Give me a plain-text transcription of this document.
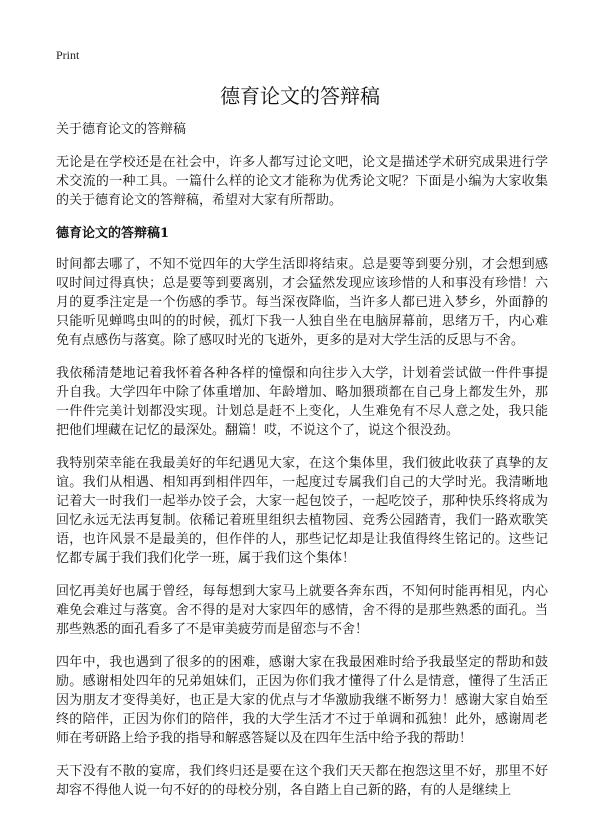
Print
德育论文的答辩稿

关于德育论文的答辩稿

无论是在学校还是在社会中，许多人都写过论文吧，论文是描述学术研究成果进行学术交流的一种工具。一篇什么样的论文才能称为优秀论文呢？下面是小编为大家收集的关于德育论文的答辩稿，希望对大家有所帮助。

德育论文的答辩稿1

时间都去哪了，不知不觉四年的大学生活即将结束。总是要等到要分别，才会想到感叹时间过得真快；总是要等到要离别，才会猛然发现应该珍惜的人和事没有珍惜！六月的夏季注定是一个伤感的季节。每当深夜降临，当许多人都已进入梦乡，外面静的只能听见蝉鸣虫叫的的时候，孤灯下我一人独自坐在电脑屏幕前，思绪万千，内心难免有点感伤与落寞。除了感叹时光的飞逝外，更多的是对大学生活的反思与不舍。

我依稀清楚地记着我怀着各种各样的憧憬和向往步入大学，计划着尝试做一件件事提升自我。大学四年中除了体重增加、年龄增加、略加猥琐都在自己身上都发生外，那一件件完美计划都没实现。计划总是赶不上变化，人生难免有不尽人意之处，我只能把他们埋藏在记忆的最深处。翻篇！哎，不说这个了，说这个很没劲。

我特别荣幸能在我最美好的年纪遇见大家，在这个集体里，我们彼此收获了真挚的友谊。我们从相遇、相知再到相伴四年，一起度过专属我们自己的大学时光。我清晰地记着大一时我们一起举办饺子会，大家一起包饺子，一起吃饺子，那种快乐终将成为回忆永远无法再复制。依稀记着班里组织去植物园、竞秀公园踏青，我们一路欢歌笑语，也许风景不是最美的，但作伴的人，那些记忆却是让我值得终生铭记的。这些记忆都专属于我们我们化学一班，属于我们这个集体！

回忆再美好也属于曾经，每每想到大家马上就要各奔东西，不知何时能再相见，内心难免会难过与落寞。舍不得的是对大家四年的感情，舍不得的是那些熟悉的面孔。当那些熟悉的面孔看多了不是审美疲劳而是留恋与不舍！

四年中，我也遇到了很多的的困难，感谢大家在我最困难时给予我最坚定的帮助和鼓励。感谢相处四年的兄弟姐妹们，正因为你们我才懂得了什么是情意，懂得了生活正因为朋友才变得美好，也正是大家的优点与才华激励我继不断努力！感谢大家自始至终的陪伴，正因为你们的陪伴，我的大学生活才不过于单调和孤独！此外，感谢周老师在考研路上给予我的指导和解惑答疑以及在四年生活中给予我的帮助！

天下没有不散的宴席，我们终归还是要在这个我们天天都在抱怨这里不好，那里不好却容不得他人说一句不好的的母校分别，各自踏上自己新的路，有的人是继续上
